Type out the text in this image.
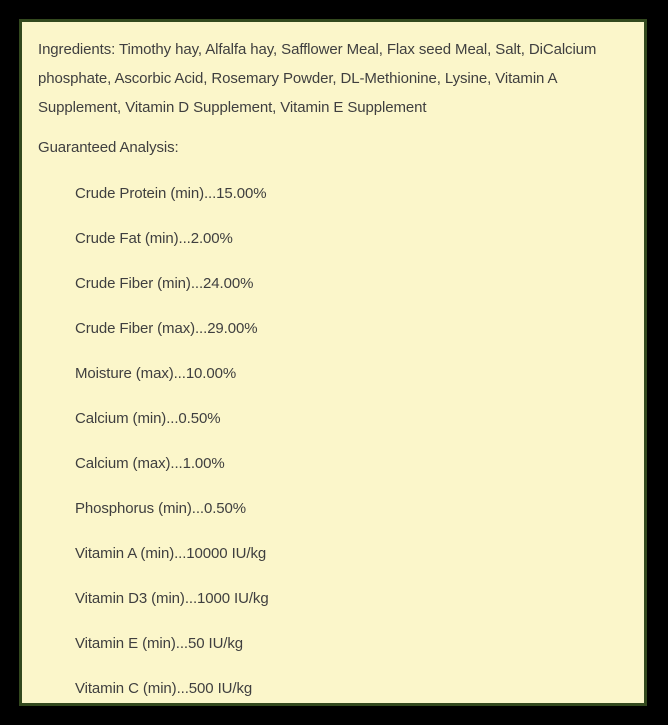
Ingredients: Timothy hay, Alfalfa hay, Safflower Meal, Flax seed Meal, Salt, DiCalcium phosphate, Ascorbic Acid, Rosemary Powder, DL-Methionine, Lysine, Vitamin A Supplement, Vitamin D Supplement, Vitamin E Supplement

Guaranteed Analysis:

Crude Protein (min)...15.00%
Crude Fat (min)...2.00%
Crude Fiber (min)...24.00%
Crude Fiber (max)...29.00%
Moisture (max)...10.00%
Calcium (min)...0.50%
Calcium (max)...1.00%
Phosphorus (min)...0.50%
Vitamin A (min)...10000 IU/kg
Vitamin D3 (min)...1000 IU/kg
Vitamin E (min)...50 IU/kg
Vitamin C (min)...500 IU/kg
